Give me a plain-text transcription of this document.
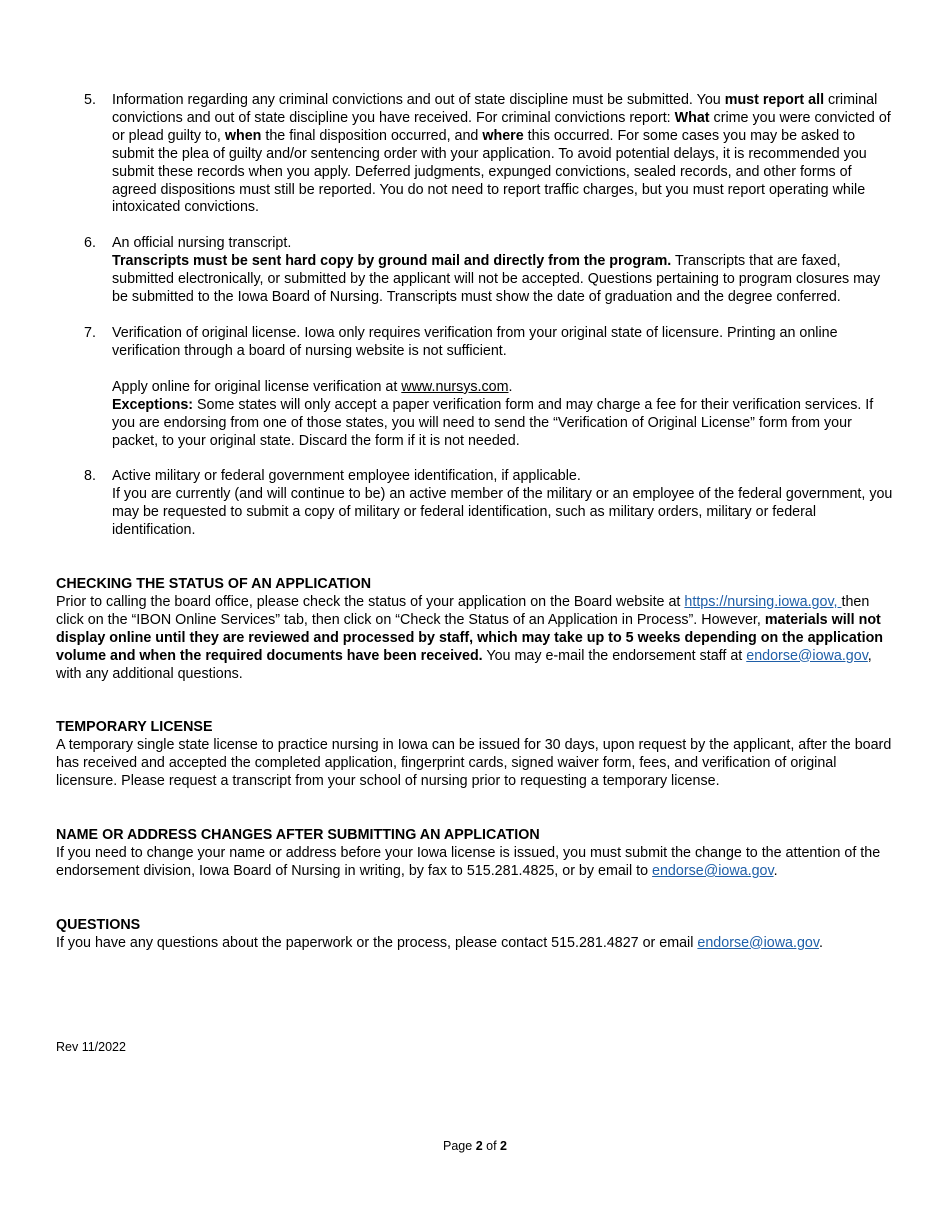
5. Information regarding any criminal convictions and out of state discipline must be submitted. You must report all criminal convictions and out of state discipline you have received. For criminal convictions report: What crime you were convicted of or plead guilty to, when the final disposition occurred, and where this occurred. For some cases you may be asked to submit the plea of guilty and/or sentencing order with your application. To avoid potential delays, it is recommended you submit these records when you apply. Deferred judgments, expunged convictions, sealed records, and other forms of agreed dispositions must still be reported. You do not need to report traffic charges, but you must report operating while intoxicated convictions.

6. An official nursing transcript.

Transcripts must be sent hard copy by ground mail and directly from the program. Transcripts that are faxed, submitted electronically, or submitted by the applicant will not be accepted. Questions pertaining to program closures may be submitted to the Iowa Board of Nursing. Transcripts must show the date of graduation and the degree conferred.

7. Verification of original license. Iowa only requires verification from your original state of licensure. Printing an online verification through a board of nursing website is not sufficient.

Apply online for original license verification at www.nursys.com.

Exceptions: Some states will only accept a paper verification form and may charge a fee for their verification services. If you are endorsing from one of those states, you will need to send the “Verification of Original License” form from your packet, to your original state. Discard the form if it is not needed.

8. Active military or federal government employee identification, if applicable.

If you are currently (and will continue to be) an active member of the military or an employee of the federal government, you may be requested to submit a copy of military or federal identification, such as military orders, military or federal identification.

CHECKING THE STATUS OF AN APPLICATION

Prior to calling the board office, please check the status of your application on the Board website at https://nursing.iowa.gov, then click on the “IBON Online Services” tab, then click on “Check the Status of an Application in Process”. However, materials will not display online until they are reviewed and processed by staff, which may take up to 5 weeks depending on the application volume and when the required documents have been received. You may e-mail the endorsement staff at endorse@iowa.gov, with any additional questions.

TEMPORARY LICENSE

A temporary single state license to practice nursing in Iowa can be issued for 30 days, upon request by the applicant, after the board has received and accepted the completed application, fingerprint cards, signed waiver form, fees, and verification of original licensure. Please request a transcript from your school of nursing prior to requesting a temporary license.

NAME OR ADDRESS CHANGES AFTER SUBMITTING AN APPLICATION

If you need to change your name or address before your Iowa license is issued, you must submit the change to the attention of the endorsement division, Iowa Board of Nursing in writing, by fax to 515.281.4825, or by email to endorse@iowa.gov.

QUESTIONS

If you have any questions about the paperwork or the process, please contact 515.281.4827 or email endorse@iowa.gov.

Rev 11/2022
Page 2 of 2
